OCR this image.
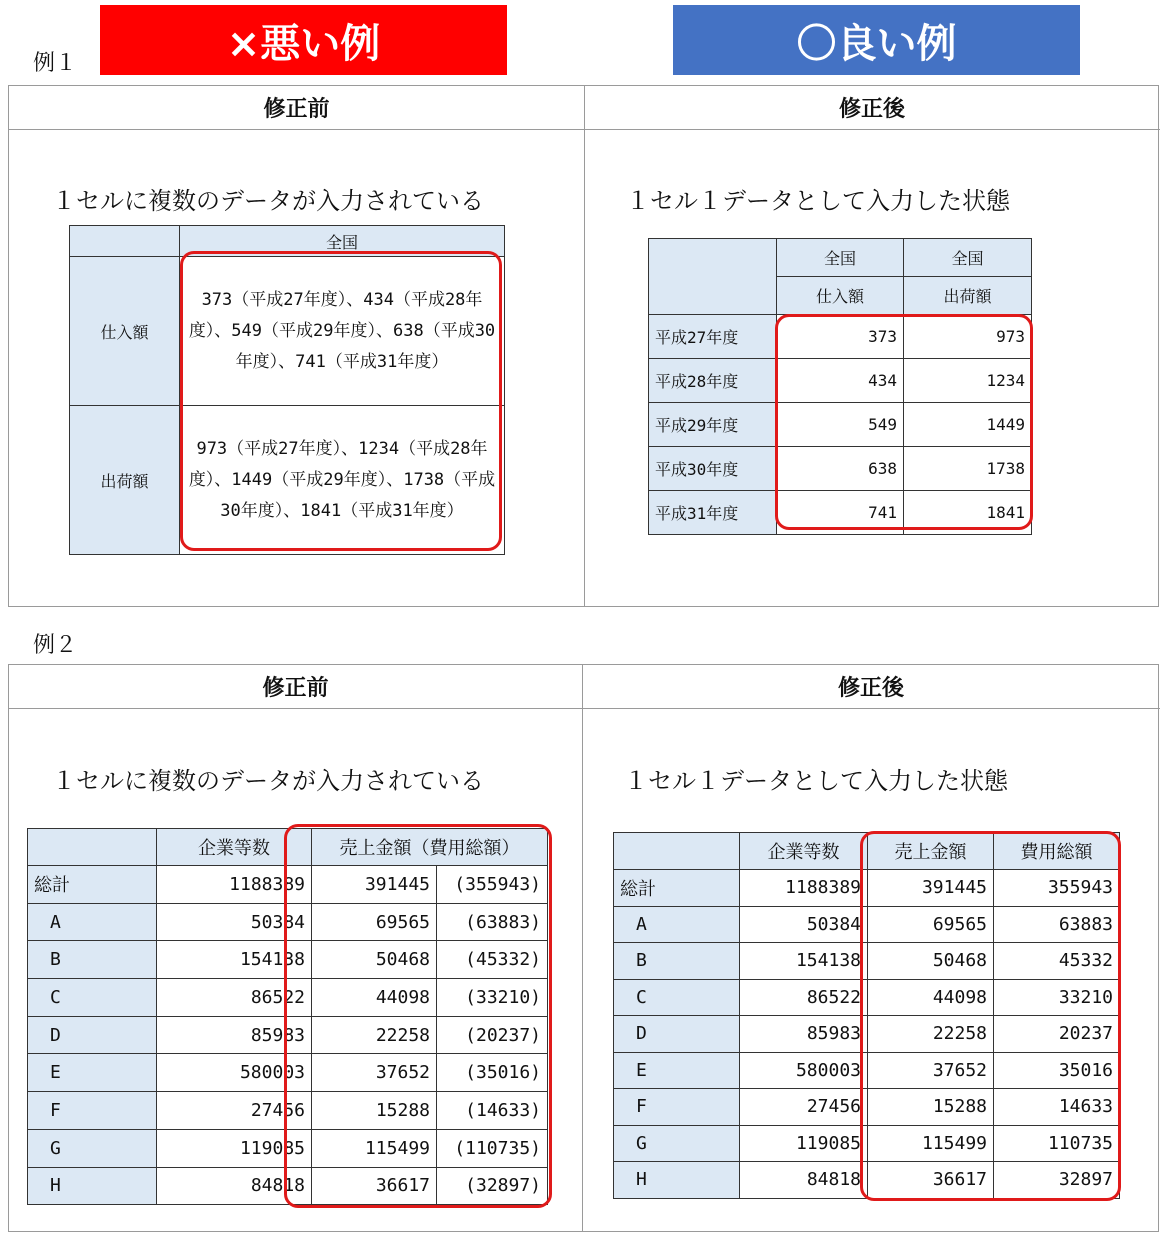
×悪い例	〇良い例
例１
修正前	修正後
１セルに複数のデータが入力されている	１セル１データとして入力した状態
	全国
仕入額	373（平成27年度）、434（平成28年度）、549（平成29年度）、638（平成30年度）、741（平成31年度）
出荷額	973（平成27年度）、1234（平成28年度）、1449（平成29年度）、1738（平成30年度）、1841（平成31年度）
	全国	全国
	仕入額	出荷額
平成27年度	373	973
平成28年度	434	1234
平成29年度	549	1449
平成30年度	638	1738
平成31年度	741	1841
例２
修正前	修正後
１セルに複数のデータが入力されている	１セル１データとして入力した状態
	企業等数	売上金額（費用総額）
総計	1188389	391445	(355943)
A	50384	69565	(63883)
B	154138	50468	(45332)
C	86522	44098	(33210)
D	85983	22258	(20237)
E	580003	37652	(35016)
F	27456	15288	(14633)
G	119085	115499	(110735)
H	84818	36617	(32897)
	企業等数	売上金額	費用総額
総計	1188389	391445	355943
A	50384	69565	63883
B	154138	50468	45332
C	86522	44098	33210
D	85983	22258	20237
E	580003	37652	35016
F	27456	15288	14633
G	119085	115499	110735
H	84818	36617	32897
